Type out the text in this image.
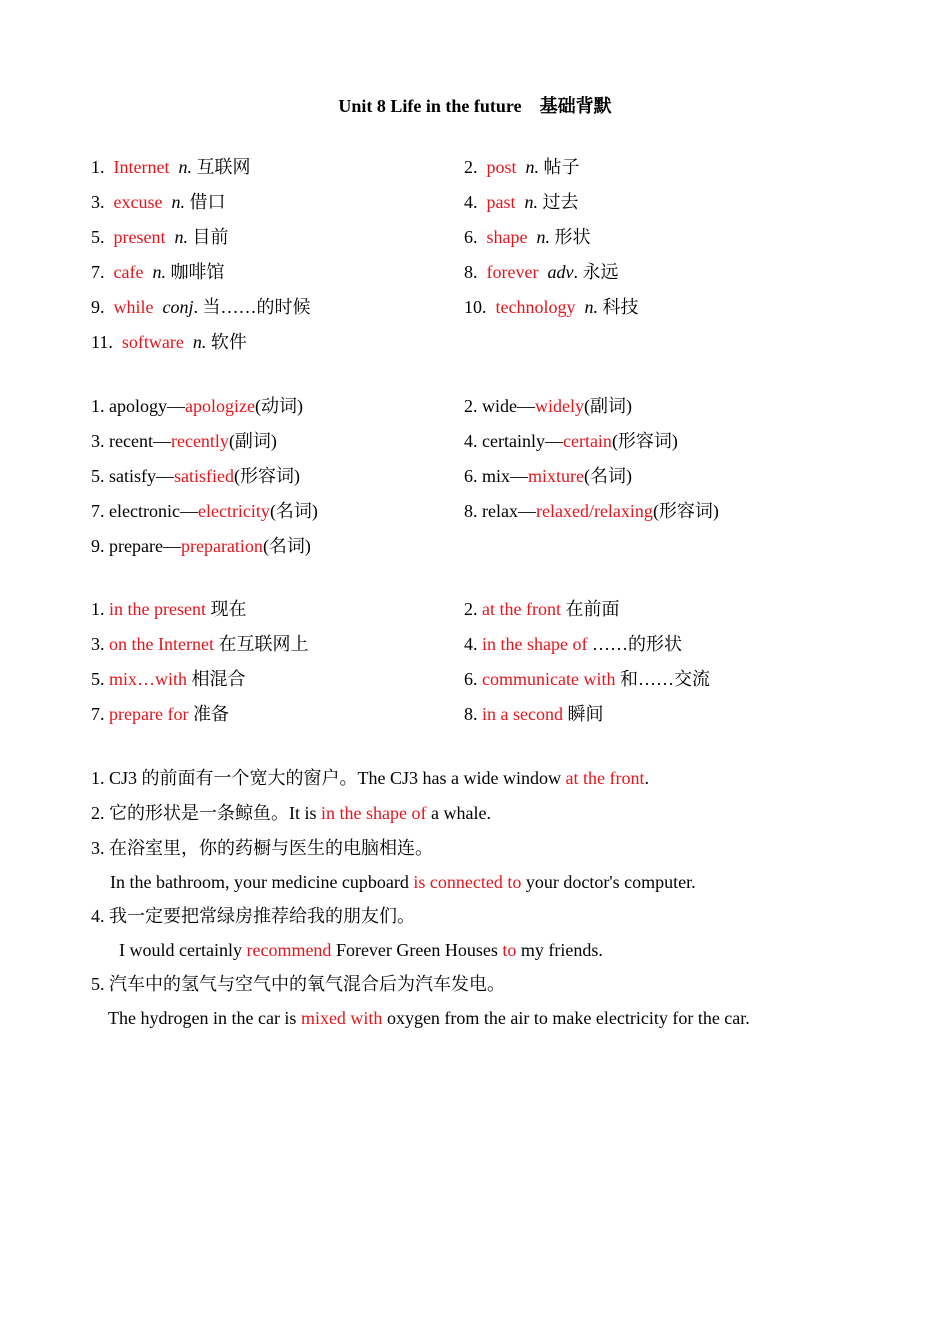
Unit 8 Life in the future    基础背默
1. Internet n. 互联网	2. post n. 帖子
3. excuse n. 借口	4. past n. 过去
5. present n. 目前	6. shape n. 形状
7. cafe n. 咖啡馆	8. forever adv. 永远
9. while conj. 当……的时候	10. technology n. 科技
11. software n. 软件
1. apology—apologize(动词)	2. wide—widely(副词)
3. recent—recently(副词)	4. certainly—certain(形容词)
5. satisfy—satisfied(形容词)	6. mix—mixture(名词)
7. electronic—electricity(名词)	8. relax—relaxed/relaxing(形容词)
9. prepare—preparation(名词)
1. in the present 现在	2. at the front 在前面
3. on the Internet 在互联网上	4. in the shape of ……的形状
5. mix…with 相混合	6. communicate with 和……交流
7. prepare for 准备	8. in a second 瞬间
1. CJ3 的前面有一个宽大的窗户。The CJ3 has a wide window at the front.
2. 它的形状是一条鲸鱼。It is in the shape of a whale.
3. 在浴室里，你的药橱与医生的电脑相连。
In the bathroom, your medicine cupboard is connected to your doctor's computer.
4. 我一定要把常绿房推荐给我的朋友们。
I would certainly recommend Forever Green Houses to my friends.
5. 汽车中的氢气与空气中的氧气混合后为汽车发电。
The hydrogen in the car is mixed with oxygen from the air to make electricity for the car.
